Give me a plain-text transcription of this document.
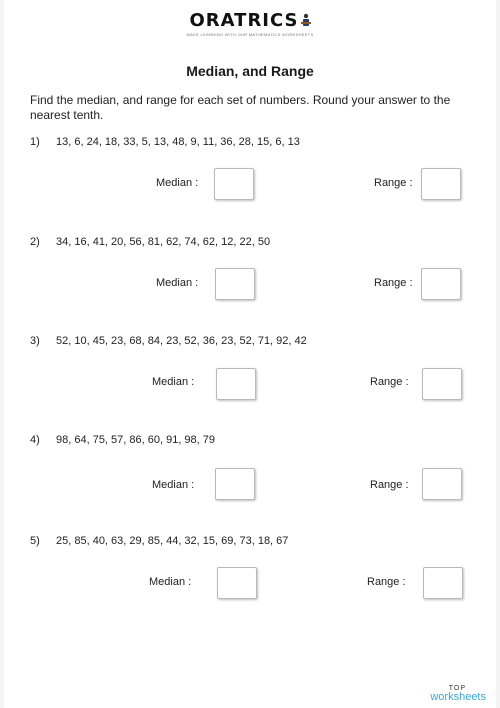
ORATRICS
MAKE LEARNING WITH OUR MATHEMATICS WORKSHEETS
Median, and Range
Find the median, and range for each set of numbers. Round your answer to the nearest tenth.
1) 13, 6, 24, 18, 33, 5, 13, 48, 9, 11, 36, 28, 15, 6, 13
Median :	Range :
2) 34, 16, 41, 20, 56, 81, 62, 74, 62, 12, 22, 50
Median :	Range :
3) 52, 10, 45, 23, 68, 84, 23, 52, 36, 23, 52, 71, 92, 42
Median :	Range :
4) 98, 64, 75, 57, 86, 60, 91, 98, 79
Median :	Range :
5) 25, 85, 40, 63, 29, 85, 44, 32, 15, 69, 73, 18, 67
Median :	Range :
TOP
worksheets
